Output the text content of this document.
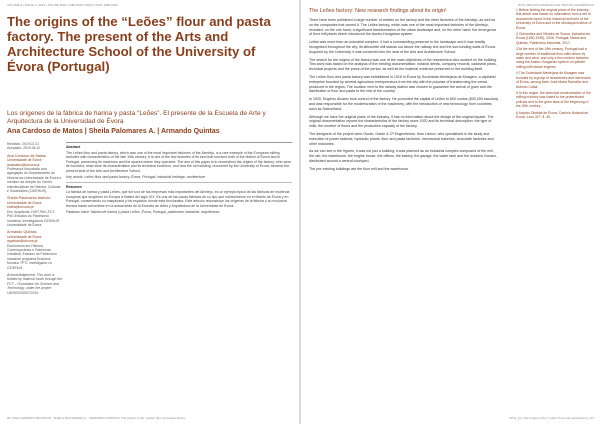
VOLUME 5 | ISSUE 2 | 2019 | ONLINE ISSN: 2386-6918 | PRINT ISSN: 2386-6926
The origins of the “Leões” flour and pasta factory. The present of the Arts and Architecture School of the University of Évora (Portugal)
Los orígenes de la fábrica de harina y pasta “Leões”. El presente de la Escuela de Arte y Arquitectura de la Universidad de Évora
Ana Cardoso de Matos | Sheila Palomares A. | Armando Quintas
Recibido: 2019.02.21
Aceptado: 2019.06.12
Ana Cardoso de Matos
Universidade de Évora · anamatos@uevora.pt
Professora Associada com agregação do Departamento de História da Universidade de Évora e membro da direção do Centro Interdisciplinar de História, Culturas e Sociedades (CIDEHUS).
Sheila Palomares Alarcón
Universidade de Évora · sheila@uevora.pt
Dra. Arquitecta. HIST-PAC-FCT-PhD-Estudos do Património Industrial, investigadora CIDEHUS-Universidade de Évora.
Armando Quintas
Universidade de Évora · aquintas@uevora.pt
Doutorando em História Contemporânea e Património Industrial, Estudos do Património Industrial programa Erasmus Mundus TPTI, investigador no CIDEHUS.
Acknowledgement: This work is funded by national funds through the FCT – Foundation for Science and Technology, under the project UID/HIS/00057/2019.
Abstract

The Leões flour and pasta factory, which was one of the most important factories of the Alentejo, is a rare example of the European milling factories with characteristics of the late 19th century. It is one of the few factories of its kind that survived both in the district of Évora and in Portugal, preserving its machines and the spaces where they operated. The aim of this paper is to reconstruct the origins of the factory: who were its founders, what were its characteristics and its technical evolution, and how the old building, recovered by the University of Évora, became the present seat of the Arts and Architecture School.

Key words: Leões flour and pasta factory, Évora, Portugal, industrial heritage, architecture

Resumen

La fábrica de harina y pasta Leões, que fue una de las empresas más importantes del Alentejo, es un ejemplo típico de las fábricas de molienda europeas que surgieron en Europa a finales del siglo XIX. Es una de las pocas fábricas de su tipo que sobrevivieron en el distrito de Évora y en Portugal, conservando su maquinaria y los espacios donde ésta funcionaba. Este artículo reconstruye los orígenes de la fábrica y su evolución técnica hasta convertirse en la actual sede de la Escuela de Artes y Arquitectura de la Universidad de Évora.

Palabras clave: fábrica de harina y pasta Leões, Évora, Portugal, patrimonio industrial, arquitectura

96 | ANA CARDOSO DE MATOS · SHEILA PALOMARES A. · ARMANDO QUINTAS | The origins of the “Leões” flour and pasta factory
RITA | REVISTA INDEXADA DE TEXTOS ACADÉMICOS
The Leões factory: New research findings about its origin¹

There have been published a large number of articles on the factory and the other factories of the Alentejo, as well as on the companies that owned it. The Leões factory, which was one of the most important factories of the Alentejo, revealed, on the one hand, a significant transformation of the urban landscape and, on the other hand, the emergence of flour mill plants which introduced the Austro-Hungarian system.

Leões was more than an industrial complex: it had a commanding presence in the landscape and it was readily recognised throughout the city; its silhouette still stands out above the railway line and the surrounding walls of Évora. Acquired by the University, it was converted into the seat of the Arts and Architecture School.

The search for the origins of the factory was one of the main objectives of the researchers who worked on the building. This work was based on the analysis of the existing documentation: notarial deeds, company records, cadastral plans, technical projects and the press of the period, as well as the material evidence preserved in the building itself.

The Leões flour and pasta factory was established in 1916 in Évora by Sociedade Alentejana de Moagem, a capitalist enterprise founded by several agriculture entrepreneurs from the city with the purpose of transforming the cereal produced in the region. The location next to the railway station was chosen to guarantee the arrival of grain and the distribution of flour and pasta to the rest of the country.

In 1920, Eugénio Alvarez took control of the factory. He promoted the capital of Leões to 600 contos (600,000 escudos) and was responsible for the modernization of the machinery, with the introduction of new technology from countries such as Switzerland.

Although we have the original plans of the industry, it has no information about the design of the original façade. The original documentation reports the characteristics of the factory since 1920 and its technical description: the type of mills, the number of floors and the production capacity of the factory.

The designers of the project were Gurán, Garde & Cª Engenheiros, from Lisbon, who specialised in the study and execution of power stations, hydraulic plants, flour and pasta factories, mechanical bakeries, chocolate factories and other industries.

As we can see in the figures, it was not just a building: it was planned as an industrial complex composed of the mill, the silo, the warehouse, the engine house, the offices, the bakery, the garage, the water tank and the workers' houses, distributed around a central courtyard.

The pre-existing buildings are the flour mill and the warehouse.

1 Before finding the original plans of the industry, this article was based on information from a set of documents found in the historical archives of the University of Évora and in the Municipal Archive of Évora.

2 Guimarães and Teixeira de Sousa, Indústria em Évora (1890-1939), 2006, Portugal; Matos and Quintas, Património industrial, 2017.

3 At the end of the 19th century, Portugal had a large number of traditional flour mills driven by water and wind, and only a few modern factories using the Austro-Hungarian system of cylinder milling with steam engines.

4 The Sociedade Alentejana de Moagem was founded by a group of landowners and merchants of Évora, among them José Maria Ramalho and António Costa.

5 In this region, the technical modernization of the milling industry was linked to the protectionist policies and to the grain laws of the beginning of the 20th century.

6 Arquivo Distrital de Évora, Cartório Notarial de Évora, Livro 327, fl. 45.

RITA_12 | The origins of the “Leões” flour and pasta factory | 97
